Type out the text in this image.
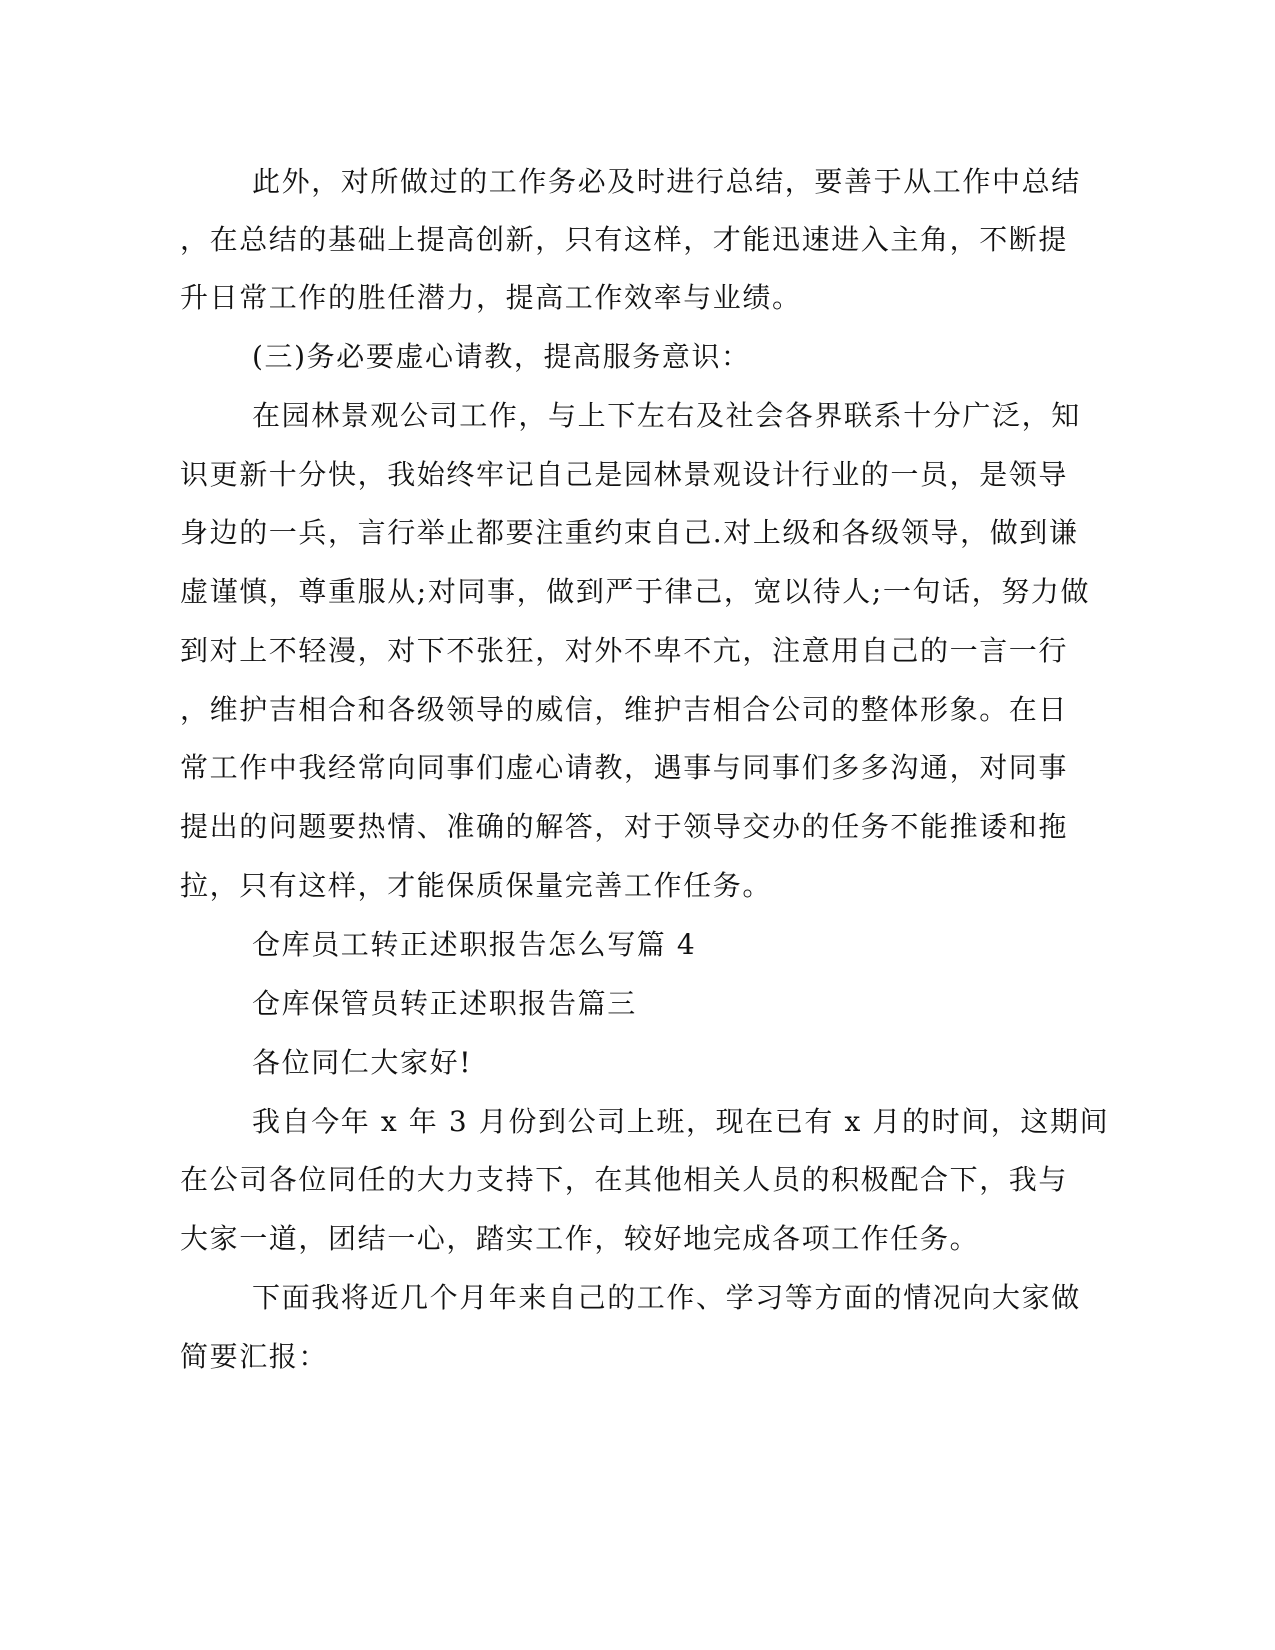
此外，对所做过的工作务必及时进行总结，要善于从工作中总结
，在总结的基础上提高创新，只有这样，才能迅速进入主角，不断提
升日常工作的胜任潜力，提高工作效率与业绩。
(三)务必要虚心请教，提高服务意识：
在园林景观公司工作，与上下左右及社会各界联系十分广泛，知
识更新十分快，我始终牢记自己是园林景观设计行业的一员，是领导
身边的一兵，言行举止都要注重约束自己.对上级和各级领导，做到谦
虚谨慎，尊重服从;对同事，做到严于律己，宽以待人;一句话，努力做
到对上不轻漫，对下不张狂，对外不卑不亢，注意用自己的一言一行
，维护吉相合和各级领导的威信，维护吉相合公司的整体形象。在日
常工作中我经常向同事们虚心请教，遇事与同事们多多沟通，对同事
提出的问题要热情、准确的解答，对于领导交办的任务不能推诿和拖
拉，只有这样，才能保质保量完善工作任务。
仓库员工转正述职报告怎么写篇 4
仓库保管员转正述职报告篇三
各位同仁大家好!
我自今年 x 年 3 月份到公司上班，现在已有 x 月的时间，这期间
在公司各位同任的大力支持下，在其他相关人员的积极配合下，我与
大家一道，团结一心，踏实工作，较好地完成各项工作任务。
下面我将近几个月年来自己的工作、学习等方面的情况向大家做
简要汇报：
